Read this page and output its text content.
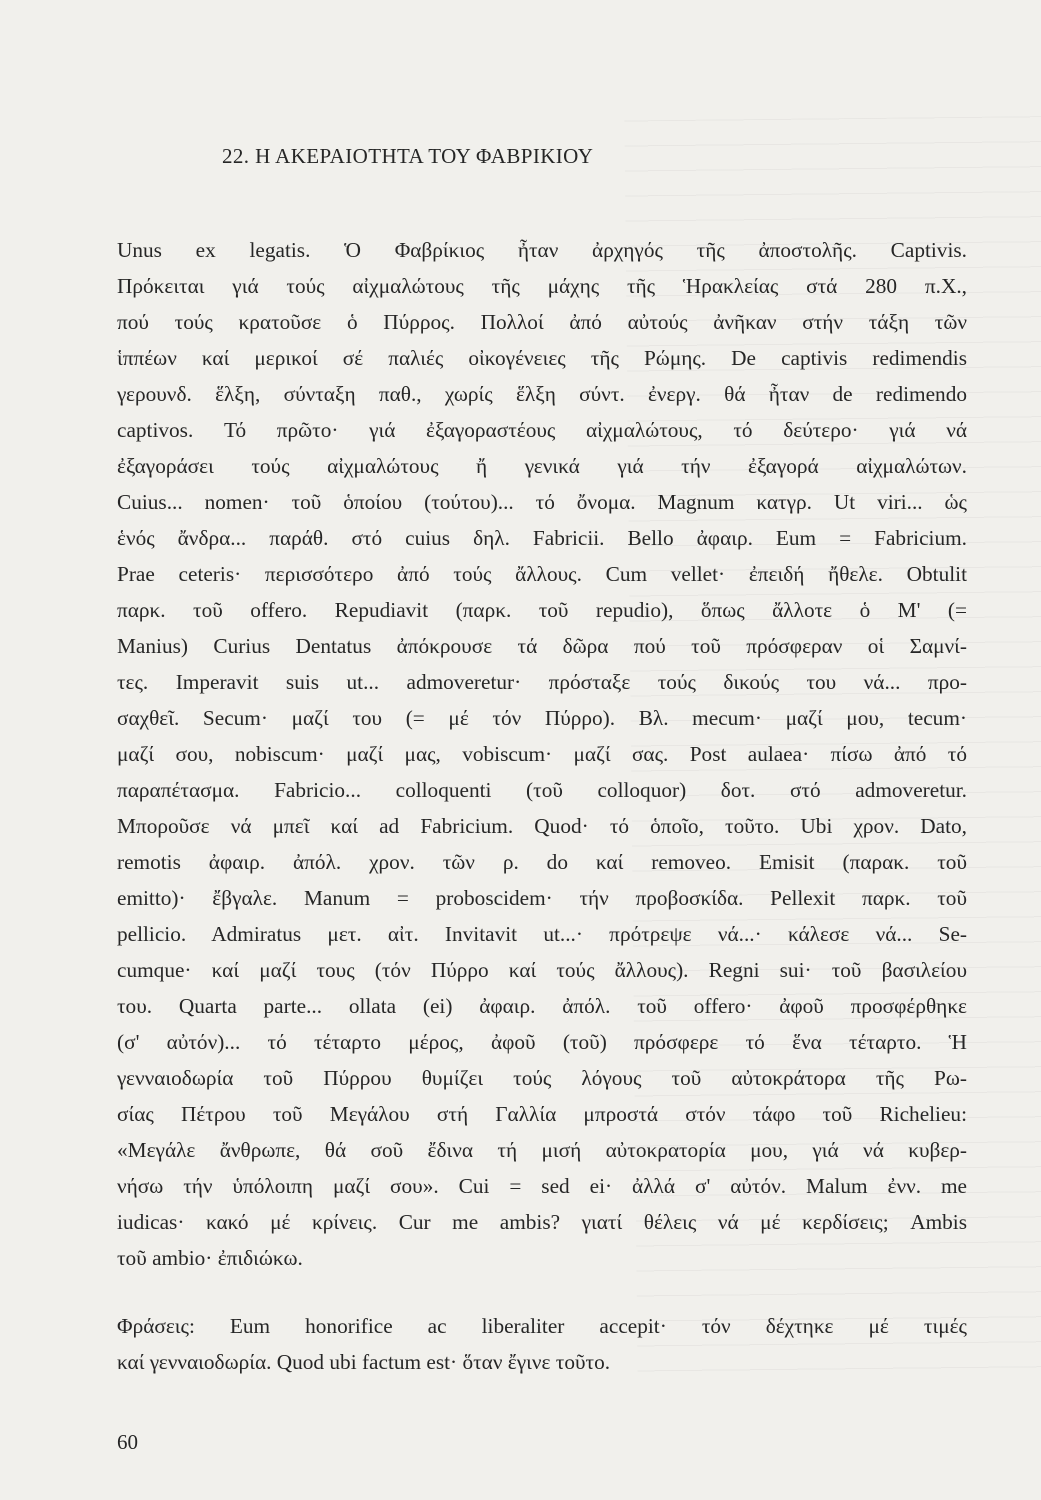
22. Η ΑΚΕΡΑΙΟΤΗΤΑ ΤΟΥ ΦΑΒΡΙΚΙΟΥ
Unus ex legatis. Ὁ Φαβρίκιος ἦταν ἀρχηγός τῆς ἀποστολῆς. Captivis.
Πρόκειται γιά τούς αἰχμαλώτους τῆς μάχης τῆς Ἡρακλείας στά 280 π.Χ.,
πού τούς κρατοῦσε ὁ Πύρρος. Πολλοί ἀπό αὐτούς ἀνῆκαν στήν τάξη τῶν
ἱππέων καί μερικοί σέ παλιές οἰκογένειες τῆς Ρώμης. De captivis redimendis
γερουνδ. ἕλξη, σύνταξη παθ., χωρίς ἕλξη σύντ. ἐνεργ. θά ἦταν de redimendo
captivos. Τό πρῶτο· γιά ἐξαγοραστέους αἰχμαλώτους, τό δεύτερο· γιά νά
ἐξαγοράσει τούς αἰχμαλώτους ἤ γενικά γιά τήν ἐξαγορά αἰχμαλώτων.
Cuius... nomen· τοῦ ὁποίου (τούτου)... τό ὄνομα. Magnum κατγρ. Ut viri... ὡς
ἑνός ἄνδρα... παράθ. στό cuius δηλ. Fabricii. Bello ἀφαιρ. Eum = Fabricium.
Prae ceteris· περισσότερο ἀπό τούς ἄλλους. Cum vellet· ἐπειδή ἤθελε. Obtulit
παρκ. τοῦ offero. Repudiavit (παρκ. τοῦ repudio), ὅπως ἄλλοτε ὁ Μ' (=
Manius) Curius Dentatus ἀπόκρουσε τά δῶρα πού τοῦ πρόσφεραν οἱ Σαμνί-
τες. Imperavit suis ut... admoveretur· πρόσταξε τούς δικούς του νά... προ-
σαχθεῖ. Secum· μαζί του (= μέ τόν Πύρρο). Βλ. mecum· μαζί μου, tecum·
μαζί σου, nobiscum· μαζί μας, vobiscum· μαζί σας. Post aulaea· πίσω ἀπό τό
παραπέτασμα. Fabricio... colloquenti (τοῦ colloquor) δοτ. στό admoveretur.
Μποροῦσε νά μπεῖ καί ad Fabricium. Quod· τό ὁποῖο, τοῦτο. Ubi χρον. Dato,
remotis ἀφαιρ. ἀπόλ. χρον. τῶν ρ. do καί removeo. Emisit (παρακ. τοῦ
emitto)· ἔβγαλε. Manum = proboscidem· τήν προβοσκίδα. Pellexit παρκ. τοῦ
pellicio. Admiratus μετ. αἰτ. Invitavit ut...· πρότρεψε νά...· κάλεσε νά... Se-
cumque· καί μαζί τους (τόν Πύρρο καί τούς ἄλλους). Regni sui· τοῦ βασιλείου
του. Quarta parte... ollata (ei) ἀφαιρ. ἀπόλ. τοῦ offero· ἀφοῦ προσφέρθηκε
(σ' αὐτόν)... τό τέταρτο μέρος, ἀφοῦ (τοῦ) πρόσφερε τό ἕνα τέταρτο. Ἡ
γενναιοδωρία τοῦ Πύρρου θυμίζει τούς λόγους τοῦ αὐτοκράτορα τῆς Ρω-
σίας Πέτρου τοῦ Μεγάλου στή Γαλλία μπροστά στόν τάφο τοῦ Richelieu:
«Μεγάλε ἄνθρωπε, θά σοῦ ἔδινα τή μισή αὐτοκρατορία μου, γιά νά κυβερ-
νήσω τήν ὑπόλοιπη μαζί σου». Cui = sed ei· ἀλλά σ' αὐτόν. Malum ἐνν. me
iudicas· κακό μέ κρίνεις. Cur me ambis? γιατί θέλεις νά μέ κερδίσεις; Ambis
τοῦ ambio· ἐπιδιώκω.
Φράσεις: Eum honorifice ac liberaliter accepit· τόν δέχτηκε μέ τιμές
καί γενναιοδωρία. Quod ubi factum est· ὅταν ἔγινε τοῦτο.
60
